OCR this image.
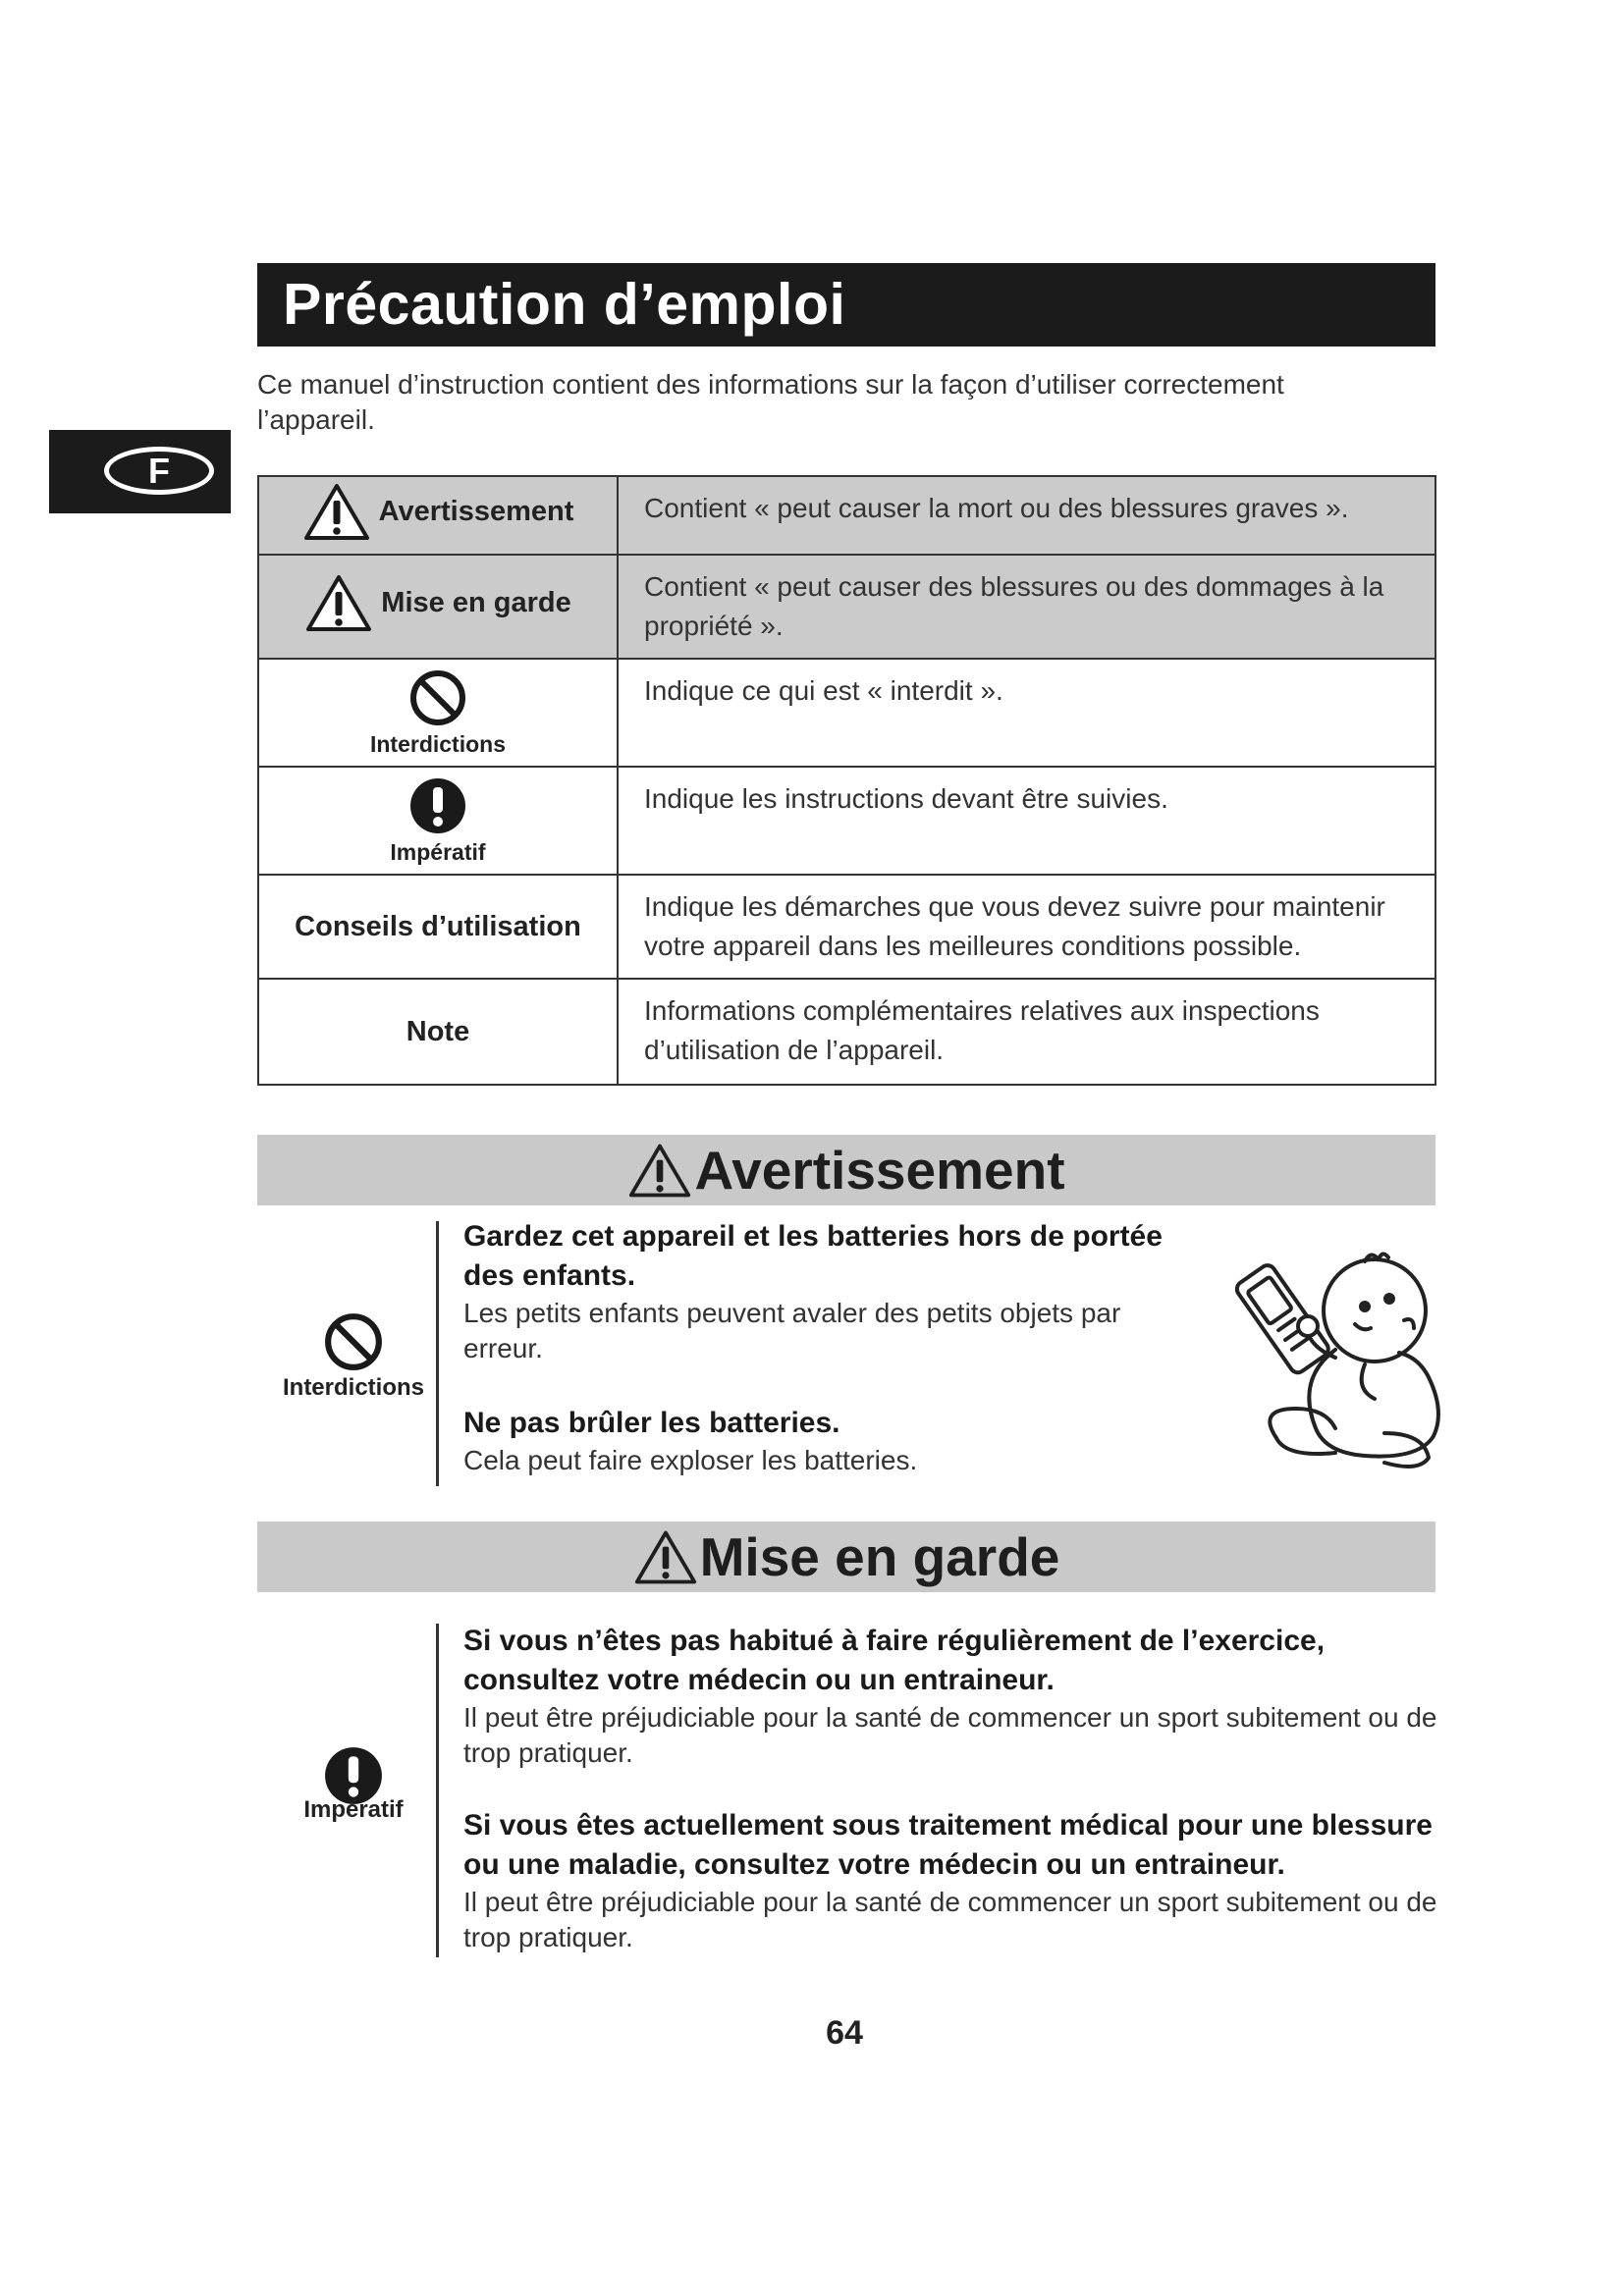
Précaution d’emploi
F
Ce manuel d’instruction contient des informations sur la façon d’utiliser correctement l’appareil.
Avertissement	Contient « peut causer la mort ou des blessures graves ».

Mise en garde	Contient « peut causer des blessures ou des dommages à la propriété ».

Interdictions	Indique ce qui est « interdit ».

Impératif	Indique les instructions devant être suivies.
Conseils d’utilisation	Indique les démarches que vous devez suivre pour maintenir votre appareil dans les meilleures conditions possible.
Note	Informations complémentaires relatives aux inspections d’utilisation de l’appareil.
Avertissement
Interdictions
Gardez cet appareil et les batteries hors de portée des enfants.
Les petits enfants peuvent avaler des petits objets par erreur.
Ne pas brûler les batteries.
Cela peut faire exploser les batteries.
Mise en garde
Impératif
Si vous n’êtes pas habitué à faire régulièrement de l’exercice, consultez votre médecin ou un entraineur.
Il peut être préjudiciable pour la santé de commencer un sport subitement ou de trop pratiquer.
Si vous êtes actuellement sous traitement médical pour une blessure ou une maladie, consultez votre médecin ou un entraineur.
Il peut être préjudiciable pour la santé de commencer un sport subitement ou de trop pratiquer.
64
